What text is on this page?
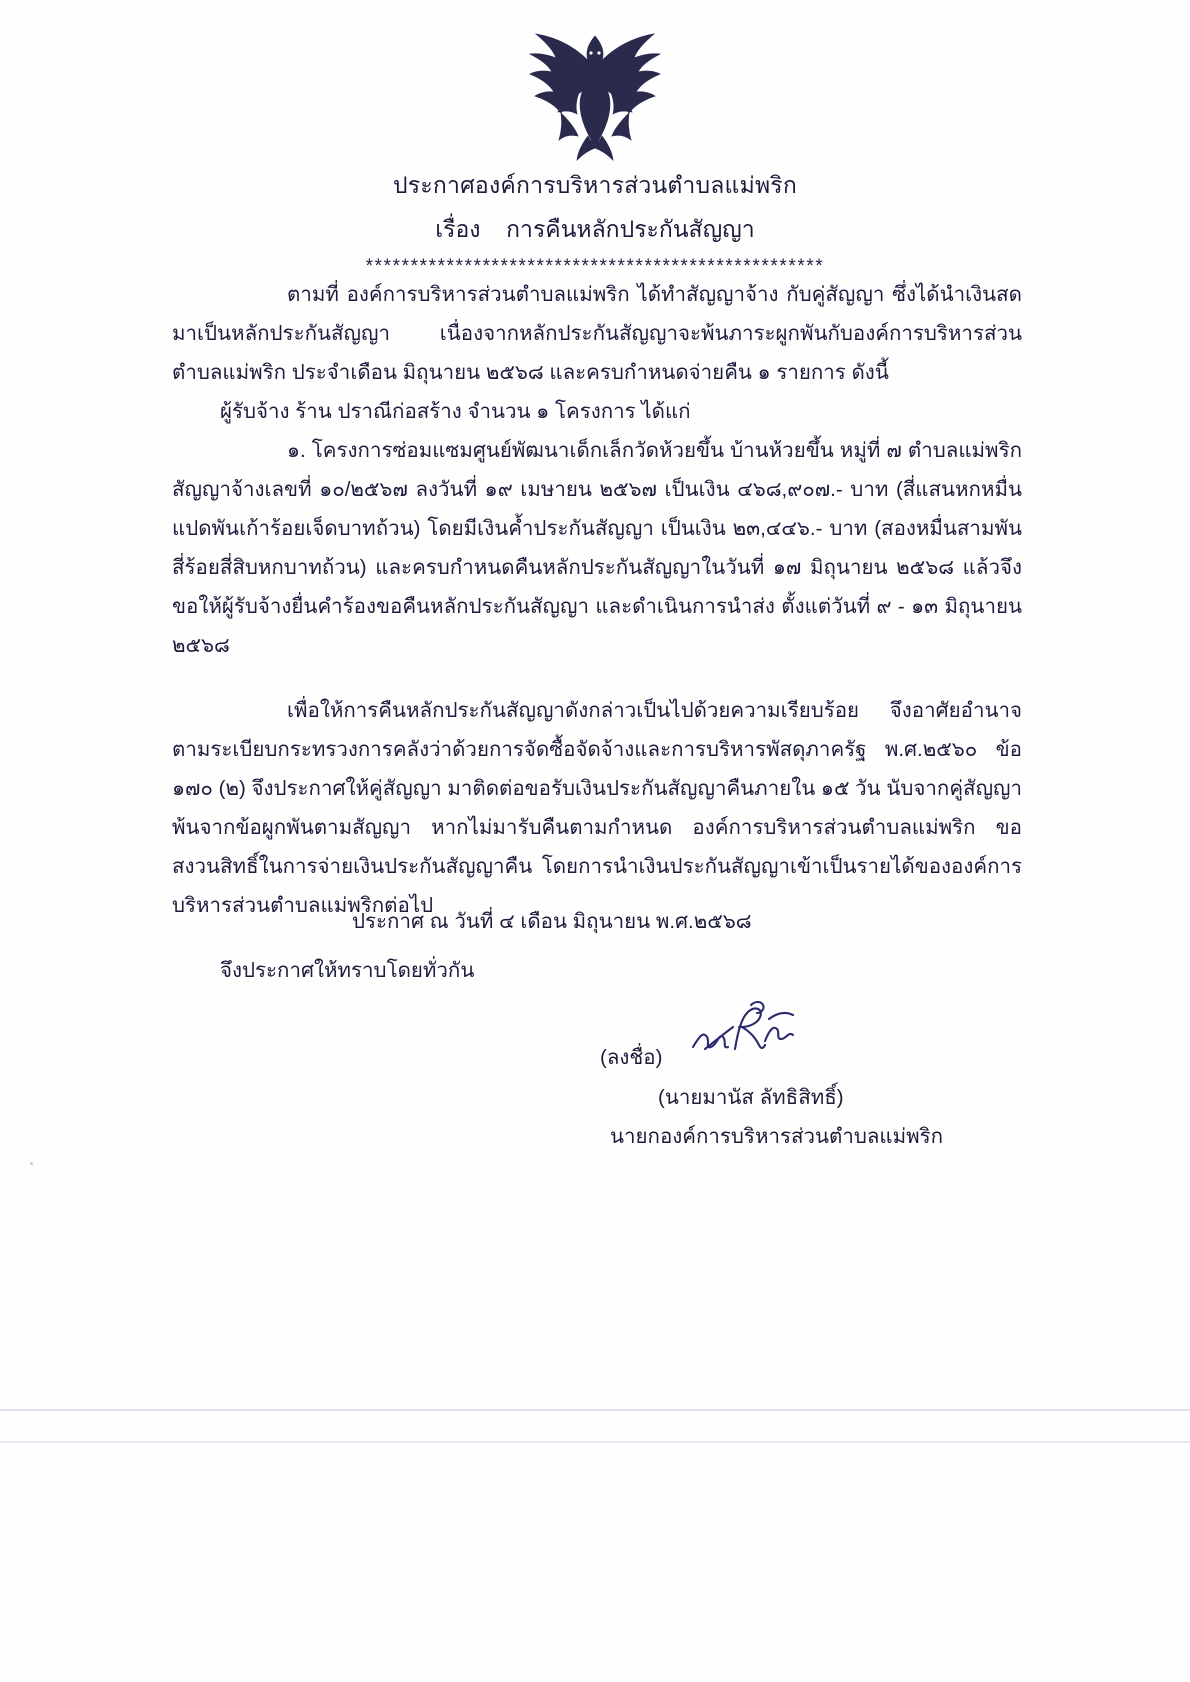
ประกาศองค์การบริหารส่วนตำบลแม่พริก
เรื่อง การคืนหลักประกันสัญญา
***************************************************

ตามที่ องค์การบริหารส่วนตำบลแม่พริก ได้ทำสัญญาจ้าง กับคู่สัญญา ซึ่งได้นำเงินสดมาเป็นหลักประกันสัญญา เนื่องจากหลักประกันสัญญาจะพ้นภาระผูกพันกับองค์การบริหารส่วนตำบลแม่พริก ประจำเดือน มิถุนายน ๒๕๖๘ และครบกำหนดจ่ายคืน ๑ รายการ ดังนี้

ผู้รับจ้าง ร้าน ปราณีก่อสร้าง จำนวน ๑ โครงการ ได้แก่

๑. โครงการซ่อมแซมศูนย์พัฒนาเด็กเล็กวัดห้วยขึ้น บ้านห้วยขึ้น หมู่ที่ ๗ ตำบลแม่พริก สัญญาจ้างเลขที่ ๑๐/๒๕๖๗ ลงวันที่ ๑๙ เมษายน ๒๕๖๗ เป็นเงิน ๔๖๘,๙๐๗.- บาท (สี่แสนหกหมื่นแปดพันเก้าร้อยเจ็ดบาทถ้วน) โดยมีเงินค้ำประกันสัญญา เป็นเงิน ๒๓,๔๔๖.- บาท (สองหมื่นสามพันสี่ร้อยสี่สิบหกบาทถ้วน) และครบกำหนดคืนหลักประกันสัญญาในวันที่ ๑๗ มิถุนายน ๒๕๖๘ แล้วจึงขอให้ผู้รับจ้างยื่นคำร้องขอคืนหลักประกันสัญญา และดำเนินการนำส่ง ตั้งแต่วันที่ ๙ - ๑๓ มิถุนายน ๒๕๖๘

เพื่อให้การคืนหลักประกันสัญญาดังกล่าวเป็นไปด้วยความเรียบร้อย จึงอาศัยอำนาจตามระเบียบกระทรวงการคลังว่าด้วยการจัดซื้อจัดจ้างและการบริหารพัสดุภาครัฐ พ.ศ.๒๕๖๐ ข้อ ๑๗๐ (๒) จึงประกาศให้คู่สัญญา มาติดต่อขอรับเงินประกันสัญญาคืนภายใน ๑๕ วัน นับจากคู่สัญญาพ้นจากข้อผูกพันตามสัญญา หากไม่มารับคืนตามกำหนด องค์การบริหารส่วนตำบลแม่พริก ขอสงวนสิทธิ์ในการจ่ายเงินประกันสัญญาคืน โดยการนำเงินประกันสัญญาเข้าเป็นรายได้ขององค์การบริหารส่วนตำบลแม่พริกต่อไป

จึงประกาศให้ทราบโดยทั่วกัน

ประกาศ ณ วันที่ ๔ เดือน มิถุนายน พ.ศ.๒๕๖๘
(ลงชื่อ)
(นายมานัส ลัทธิสิทธิ์)
นายกองค์การบริหารส่วนตำบลแม่พริก
